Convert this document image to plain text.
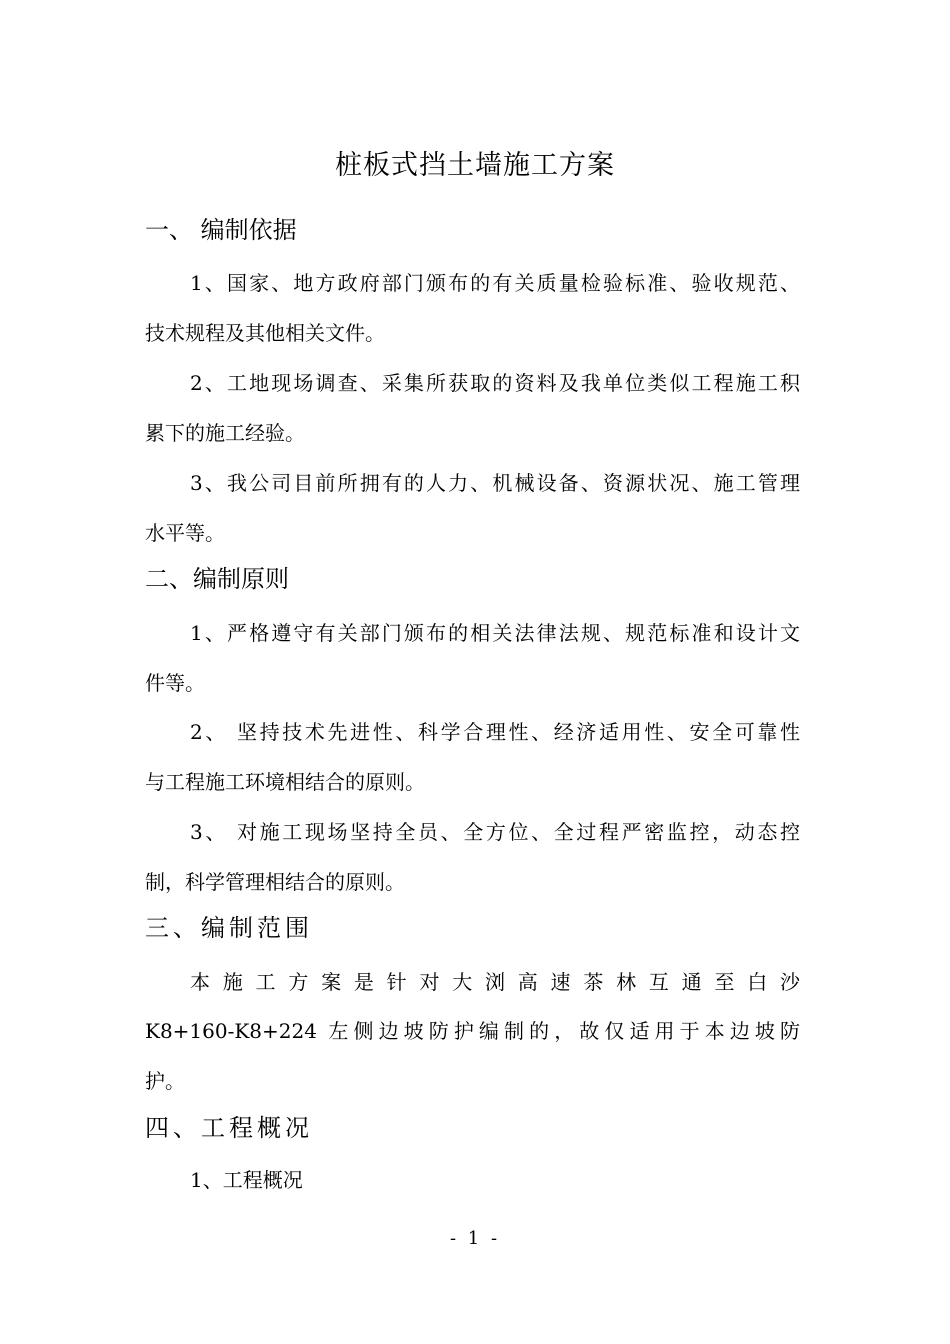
桩板式挡土墙施工方案
一、 编制依据
1、国家、地方政府部门颁布的有关质量检验标准、验收规范、
技术规程及其他相关文件。
2、工地现场调查、采集所获取的资料及我单位类似工程施工积
累下的施工经验。
3、我公司目前所拥有的人力、机械设备、资源状况、施工管理
水平等。
二、编制原则
1、严格遵守有关部门颁布的相关法律法规、规范标准和设计文
件等。
2、 坚持技术先进性、科学合理性、经济适用性、安全可靠性
与工程施工环境相结合的原则。
3、 对施工现场坚持全员、全方位、全过程严密监控，动态控
制，科学管理相结合的原则。
三、编制范围
本施工方案是针对大浏高速茶林互通至白沙
K8+160-K8+224 左侧边坡防护编制的，故仅适用于本边坡防
护。
四、工程概况
1、工程概况
- 1 -
